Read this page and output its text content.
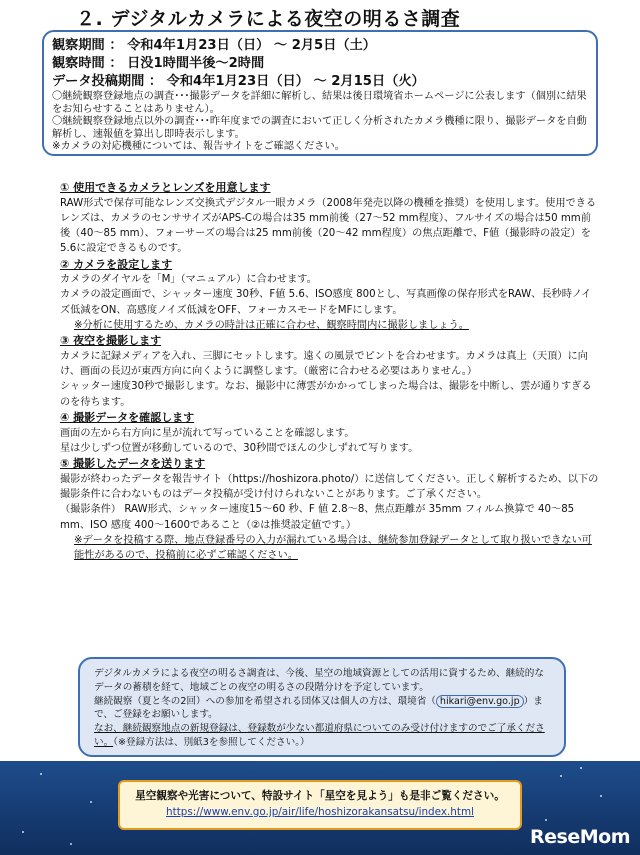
２. デジタルカメラによる夜空の明るさ調査
観察期間 ： 令和4年1月23日（日） ～ 2月5日（土）
観察時間 ： 日没1時間半後～2時間
データ投稿期間 ： 令和4年1月23日（日） ～ 2月15日（火）
〇継続観察登録地点の調査･･･撮影データを詳細に解析し、結果は後日環境省ホームページに公表します（個別に結果をお知らせすることはありません）。
〇継続観察登録地点以外の調査･･･昨年度までの調査において正しく分析されたカメラ機種に限り、撮影データを自動解析し、速報値を算出し即時表示します。
※カメラの対応機種については、報告サイトをご確認ください。

① 使用できるカメラとレンズを用意します

RAW形式で保存可能なレンズ交換式デジタル一眼カメラ（2008年発売以降の機種を推奨）を使用します。使用できるレンズは、カメラのセンササイズがAPS-Cの場合は35 mm前後（27～52 mm程度）、フルサイズの場合は50 mm前後（40～85 mm）、フォーサーズの場合は25 mm前後（20～42 mm程度）の焦点距離で、F値（撮影時の設定）を5.6に設定できるものです。

② カメラを設定します

カメラのダイヤルを「M」（マニュアル）に合わせます。

カメラの設定画面で、シャッター速度 30秒、F値 5.6、ISO感度 800とし、写真画像の保存形式をRAW、長秒時ノイズ低減をON、高感度ノイズ低減をOFF、フォーカスモードをMFにします。

※分析に使用するため、カメラの時計は正確に合わせ、観察時間内に撮影しましょう。

③ 夜空を撮影します

カメラに記録メディアを入れ、三脚にセットします。遠くの風景でピントを合わせます。カメラは真上（天頂）に向け、画面の長辺が東西方向に向くように調整します。（厳密に合わせる必要はありません。）

シャッター速度30秒で撮影します。なお、撮影中に薄雲がかかってしまった場合は、撮影を中断し、雲が通りすぎるのを待ちます。

④ 撮影データを確認します

画面の左から右方向に星が流れて写っていることを確認します。

星は少しずつ位置が移動しているので、30秒間でほんの少しずれて写ります。

⑤ 撮影したデータを送ります

撮影が終わったデータを報告サイト（https://hoshizora.photo/）に送信してください。正しく解析するため、以下の撮影条件に合わないものはデータ投稿が受け付けられないことがあります。ご了承ください。

（撮影条件） RAW形式、シャッター速度15～60 秒、F 値 2.8～8、焦点距離が 35mm フィルム換算で 40～85 mm、ISO 感度 400～1600であること（②は推奨設定値です。）

※データを投稿する際、地点登録番号の入力が漏れている場合は、継続参加登録データとして取り扱いできない可能性があるので、投稿前に必ずご確認ください。

デジタルカメラによる夜空の明るさ調査は、今後、星空の地域資源としての活用に資するため、継続的なデータの蓄積を経て、地域ごとの夜空の明るさの段階分けを予定しています。

継続観察（夏と冬の2回）への参加を希望される団体又は個人の方は、環境省（ hikari@env.go.jp ）まで、ご登録をお願いします。

なお、継続観察地点の新規登録は、登録数が少ない都道府県についてのみ受け付けますのでご了承ください。（※登録方法は、別紙3を参照してください。）

星空観察や光害について、特設サイト「星空を見よう」も是非ご覧ください。
https://www.env.go.jp/air/life/hoshizorakansatsu/index.html
ReseMom
